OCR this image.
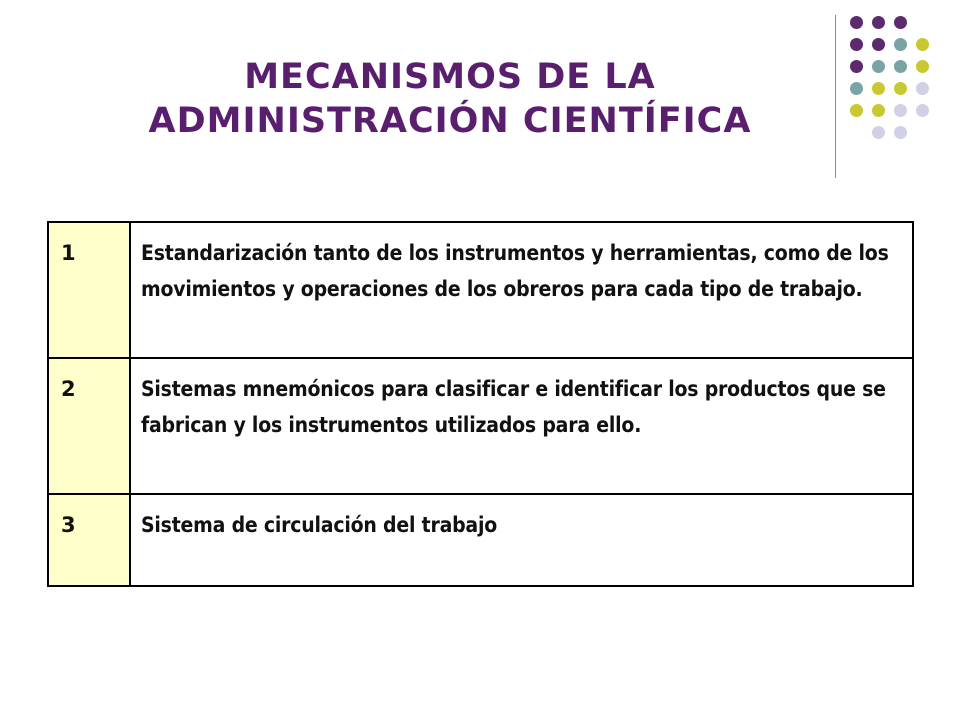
MECANISMOS DE LA
ADMINISTRACIÓN CIENTÍFICA
1	Estandarización tanto de los instrumentos y herramientas, como de los movimientos y operaciones de los obreros para cada tipo de trabajo.

2	Sistemas mnemónicos para clasificar e identificar los productos que se fabrican y los instrumentos utilizados para ello.

3	Sistema de circulación del trabajo
